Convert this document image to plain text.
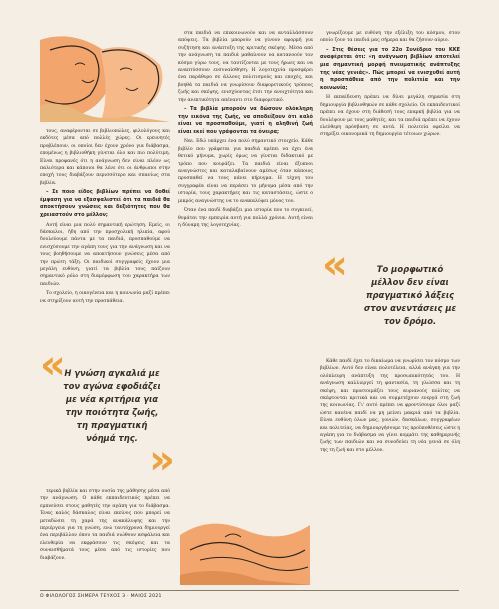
τους, αναφέρονται σε βιβλιοπώλες, φιλολόγους και εκδότες μέσα από πολλές χώρες. Οι ερευνητές προβλέπουν, οι οποίοι δεν έχουν χρόνο για διάβασμα, επομένως η βιβλιοθήκη γίνεται όλο και πιο πολύτιμη. Είναι προφανές ότι η ανάγνωση δεν είναι πλέον ως παλιότερα και κάποιοι θα λένε ότι οι άνθρωποι στην εποχή τους διαβάζουν περισσότερο και σπανίως στα βιβλία.

– Σε ποιο είδος βιβλίων πρέπει να δοθεί έμφαση για να εξασφαλιστεί ότι τα παιδιά θα αποκτήσουν γνώσεις και δεξιότητες που θα χρειαστούν στο μέλλον;

Αυτή είναι μια πολύ σημαντική ερώτηση. Εμείς, οι δάσκαλοι, ήδη από την προσχολική ηλικία, αφού δουλεύουμε πάντα με τα παιδιά, προσπαθούμε να ενισχύσουμε την αγάπη τους για την ανάγνωση και να τους βοηθήσουμε να αποκτήσουν γνώσεις μέσα από την πρώτη τάξη. Οι παιδικοί συγγραφείς έχουν μια μεγάλη ευθύνη, γιατί τα βιβλία τους παίζουν σημαντικό ρόλο στη διαμόρφωση του χαρακτήρα των παιδιών.

Το σχολείο, η οικογένεια και η κοινωνία μαζί πρέπει να στηρίξουν αυτή την προσπάθεια.

«
Η γνώση αγκαλιά με τον αγώνα εφοδιάζει με νέα κριτήρια για την ποιότητα ζωής, τη πραγματική νόημά της. »

τερικά βιβλία και στην ουσία της μάθησης μέσα από την ανάγνωση. Ο κάθε εκπαιδευτικός πρέπει να εμπνεύσει στους μαθητές την αγάπη για το διάβασμα. Ένας καλός δάσκαλος είναι εκείνος που μπορεί να μεταδώσει τη χαρά της ανακάλυψης και την περιέργεια για τη γνώση, ενώ ταυτόχρονα δημιουργεί ένα περιβάλλον όπου τα παιδιά νιώθουν ασφάλεια και ελευθερία να εκφράσουν τις σκέψεις και τα συναισθήματά τους μέσα από τις ιστορίες που διαβάζουν.

στα παιδιά να επικοινωνούν και να ανταλλάσσουν απόψεις. Τα βιβλία μπορούν να γίνουν αφορμή για συζήτηση και ανάπτυξη της κριτικής σκέψης. Μέσα από την ανάγνωση τα παιδιά μαθαίνουν να κατανοούν τον κόσμο γύρω τους, να ταυτίζονται με τους ήρωες και να αναπτύσσουν ενσυναίσθηση. Η λογοτεχνία προσφέρει ένα παράθυρο σε άλλους πολιτισμούς και εποχές, και βοηθά τα παιδιά να γνωρίσουν διαφορετικούς τρόπους ζωής και σκέψης, ενισχύοντας έτσι την ανοιχτότητα και την ανεκτικότητα απέναντι στο διαφορετικό.

– Τα βιβλία μπορούν να δώσουν ολόκληρη την εικόνα της ζωής, να αποδείξουν ότι καλό είναι να προσπαθούμε, γιατί η αληθινή ζωή είναι εκεί που γράφονται τα όνειρα;

Ναι. Εδώ υπάρχει ένα πολύ σημαντικό στοιχείο. Κάθε βιβλίο που γράφεται για παιδιά πρέπει να έχει ένα θετικό μήνυμα, χωρίς όμως να γίνεται διδακτικό με τρόπο που κουράζει. Τα παιδιά είναι έξυπνοι αναγνώστες και καταλαβαίνουν αμέσως όταν κάποιος προσπαθεί να τους κάνει κήρυγμα. Η τέχνη του συγγραφέα είναι να περάσει το μήνυμα μέσα από την ιστορία, τους χαρακτήρες και τις καταστάσεις, ώστε ο μικρός αναγνώστης να το ανακαλύψει μόνος του.

Όταν ένα παιδί διαβάζει μια ιστορία που το συγκινεί, θυμάται την εμπειρία αυτή για πολλά χρόνια. Αυτή είναι η δύναμη της λογοτεχνίας.

γνωρίζουμε με ευθύνη την εξέλιξη του κόσμου, στον οποίο ζουν τα παιδιά μας σήμερα και θα ζήσουν αύριο.

– Στις θέσεις για το 22ο Συνέδριο του ΚΚΕ αναφέρεται ότι: «η ανάγνωση βιβλίων αποτελεί μια σημαντική μορφή πνευματικής ανάπτυξης της νέας γενιάς». Πώς μπορεί να ενισχυθεί αυτή η προσπάθεια από την πολιτεία και την κοινωνία;

Η εκπαίδευση πρέπει να δίνει μεγάλη σημασία στη δημιουργία βιβλιοθηκών σε κάθε σχολείο. Οι εκπαιδευτικοί πρέπει να έχουν στη διάθεσή τους επαρκή βιβλία για να δουλέψουν με τους μαθητές, και τα παιδιά πρέπει να έχουν ελεύθερη πρόσβαση σε αυτά. Η πολιτεία οφείλει να στηρίξει οικονομικά τη δημιουργία τέτοιων χώρων.

«	Το μορφωτικό μέλλον δεν είναι πραγματικό λάξεις στον ανεντάσεις με τον δρόμο.

Κάθε παιδί έχει το δικαίωμα να γνωρίσει τον κόσμο των βιβλίων. Αυτό δεν είναι πολυτέλεια, αλλά ανάγκη για την ολόπλευρη ανάπτυξη της προσωπικότητάς του. Η ανάγνωση καλλιεργεί τη φαντασία, τη γλώσσα και τη σκέψη, και προετοιμάζει τους αυριανούς πολίτες να σκέφτονται κριτικά και να συμμετέχουν ενεργά στη ζωή της κοινωνίας. Γι' αυτό πρέπει να φροντίσουμε όλοι μαζί ώστε κανένα παιδί να μη μείνει μακριά από τα βιβλία. Είναι ευθύνη όλων μας, γονιών, δασκάλων, συγγραφέων και πολιτείας, να δημιουργήσουμε τις προϋποθέσεις ώστε η αγάπη για το διάβασμα να γίνει κομμάτι της καθημερινής ζωής των παιδιών και να συνοδεύει τη νέα γενιά σε όλη της τη ζωή και στο μέλλον.

Ο ΦΙΛΟΛΟΓΟΣ ΣΗΜΕΡΑ ΤΕΥΧΟΣ 3 · ΜΑΙΟΣ 2021
